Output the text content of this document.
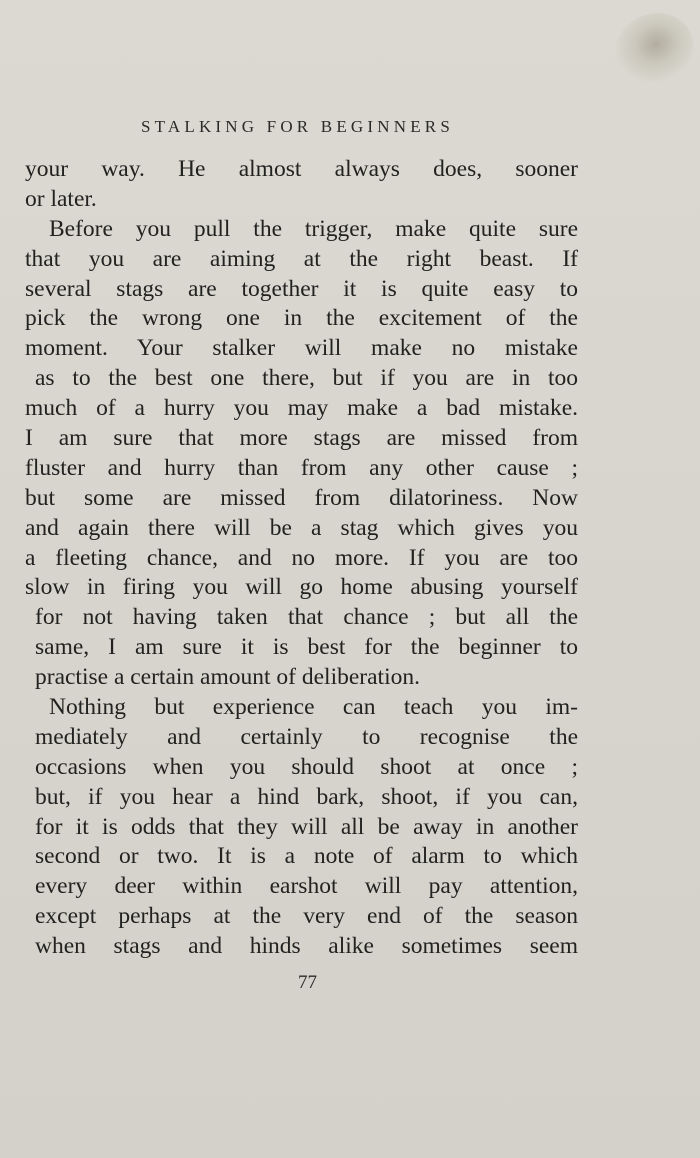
STALKING FOR BEGINNERS
your way. He almost always does, sooner
or later.
Before you pull the trigger, make quite sure
that you are aiming at the right beast. If
several stags are together it is quite easy to
pick the wrong one in the excitement of the
moment. Your stalker will make no mistake
as to the best one there, but if you are in too
much of a hurry you may make a bad mistake.
I am sure that more stags are missed from
fluster and hurry than from any other cause ;
but some are missed from dilatoriness. Now
and again there will be a stag which gives you
a fleeting chance, and no more. If you are too
slow in firing you will go home abusing yourself
for not having taken that chance ; but all the
same, I am sure it is best for the beginner to
practise a certain amount of deliberation.
Nothing but experience can teach you im-
mediately and certainly to recognise the
occasions when you should shoot at once ;
but, if you hear a hind bark, shoot, if you can,
for it is odds that they will all be away in another
second or two. It is a note of alarm to which
every deer within earshot will pay attention,
except perhaps at the very end of the season
when stags and hinds alike sometimes seem
77
